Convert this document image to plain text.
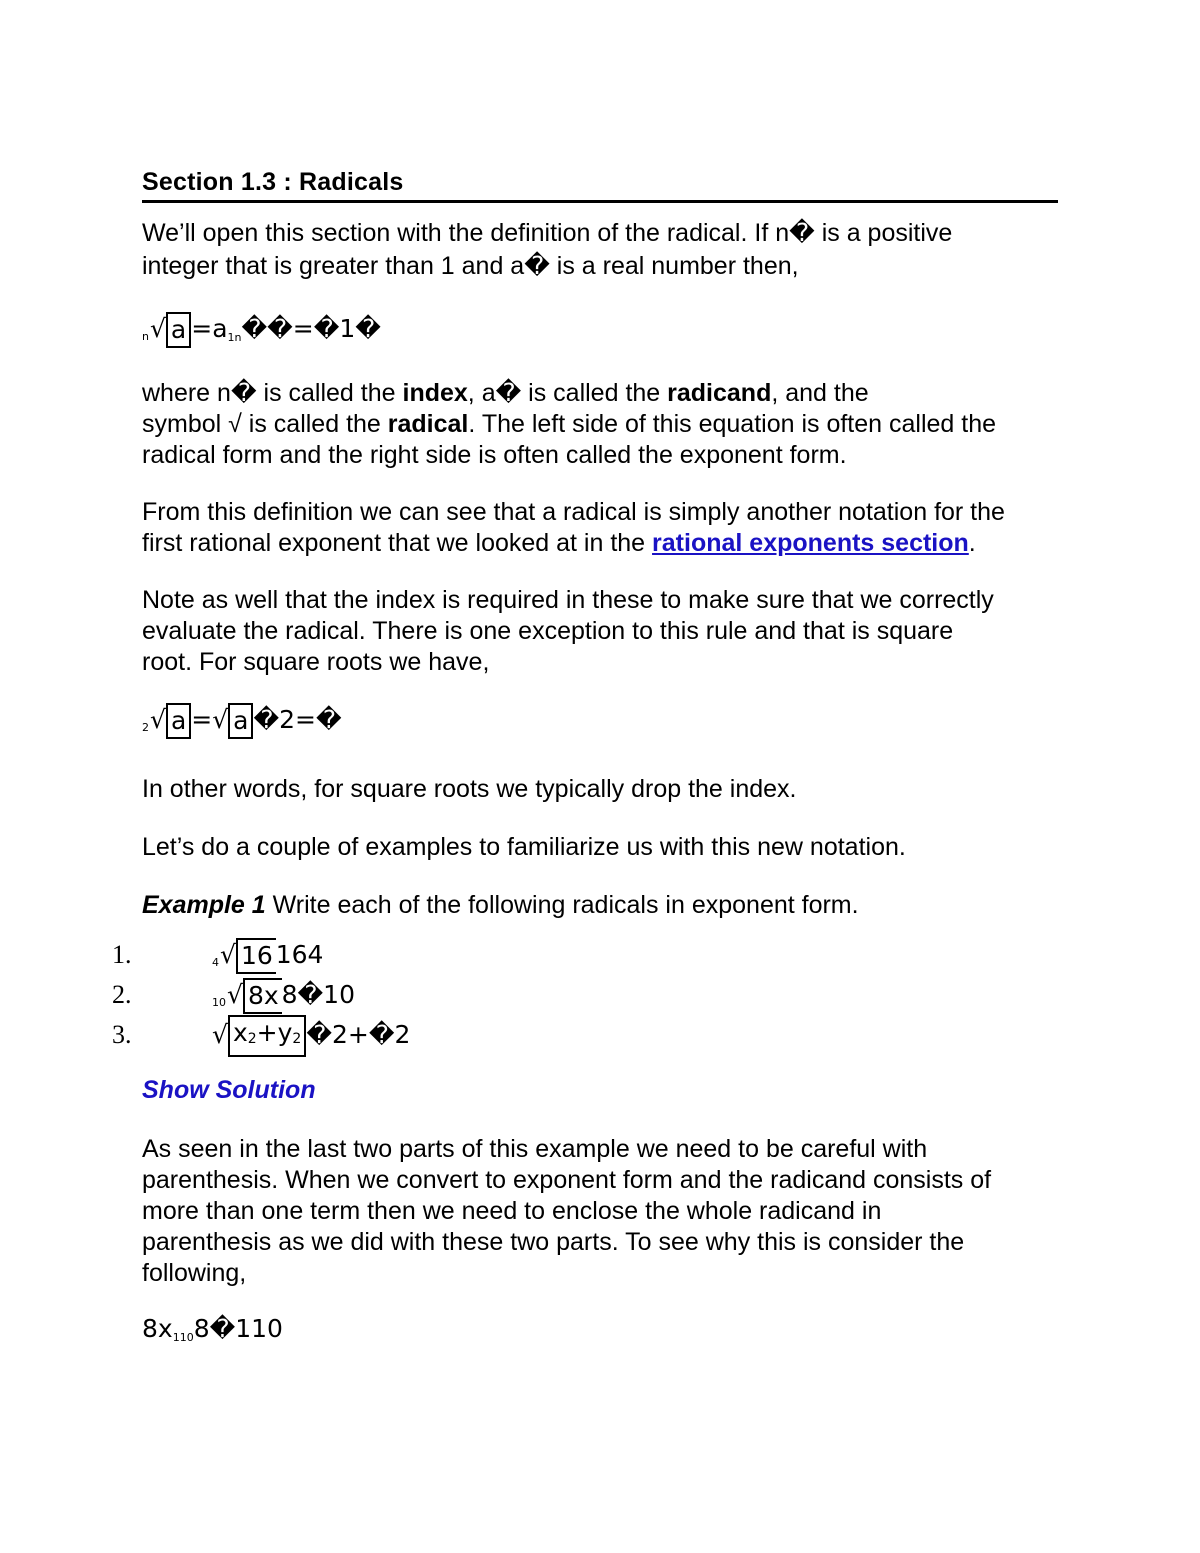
Section 1.3 : Radicals
We’ll open this section with the definition of the radical. If n� is a positive
integer that is greater than 1 and a� is a real number then,
n√ $a =a_{1n}��=�1�$
where n� is called the index, a� is called the radicand, and the
symbol √ is called the radical. The left side of this equation is often called the
radical form and the right side is often called the exponent form.
From this definition we can see that a radical is simply another notation for the
first rational exponent that we looked at in the rational exponents section.
Note as well that the index is required in these to make sure that we correctly
evaluate the radical. There is one exception to this rule and that is square
root. For square roots we have,
2√ a =√ a �2=�
In other words, for square roots we typically drop the index.
Let’s do a couple of examples to familiarize us with this new notation.
Example 1 Write each of the following radicals in exponent form.
1.	4√ 16 164
2.	10√ 8x 8�10
3.	√ x2+y2 �2+�2
Show Solution
As seen in the last two parts of this example we need to be careful with
parenthesis. When we convert to exponent form and the radicand consists of
more than one term then we need to enclose the whole radicand in
parenthesis as we did with these two parts. To see why this is consider the
following,
$8x_{110}8�110$
